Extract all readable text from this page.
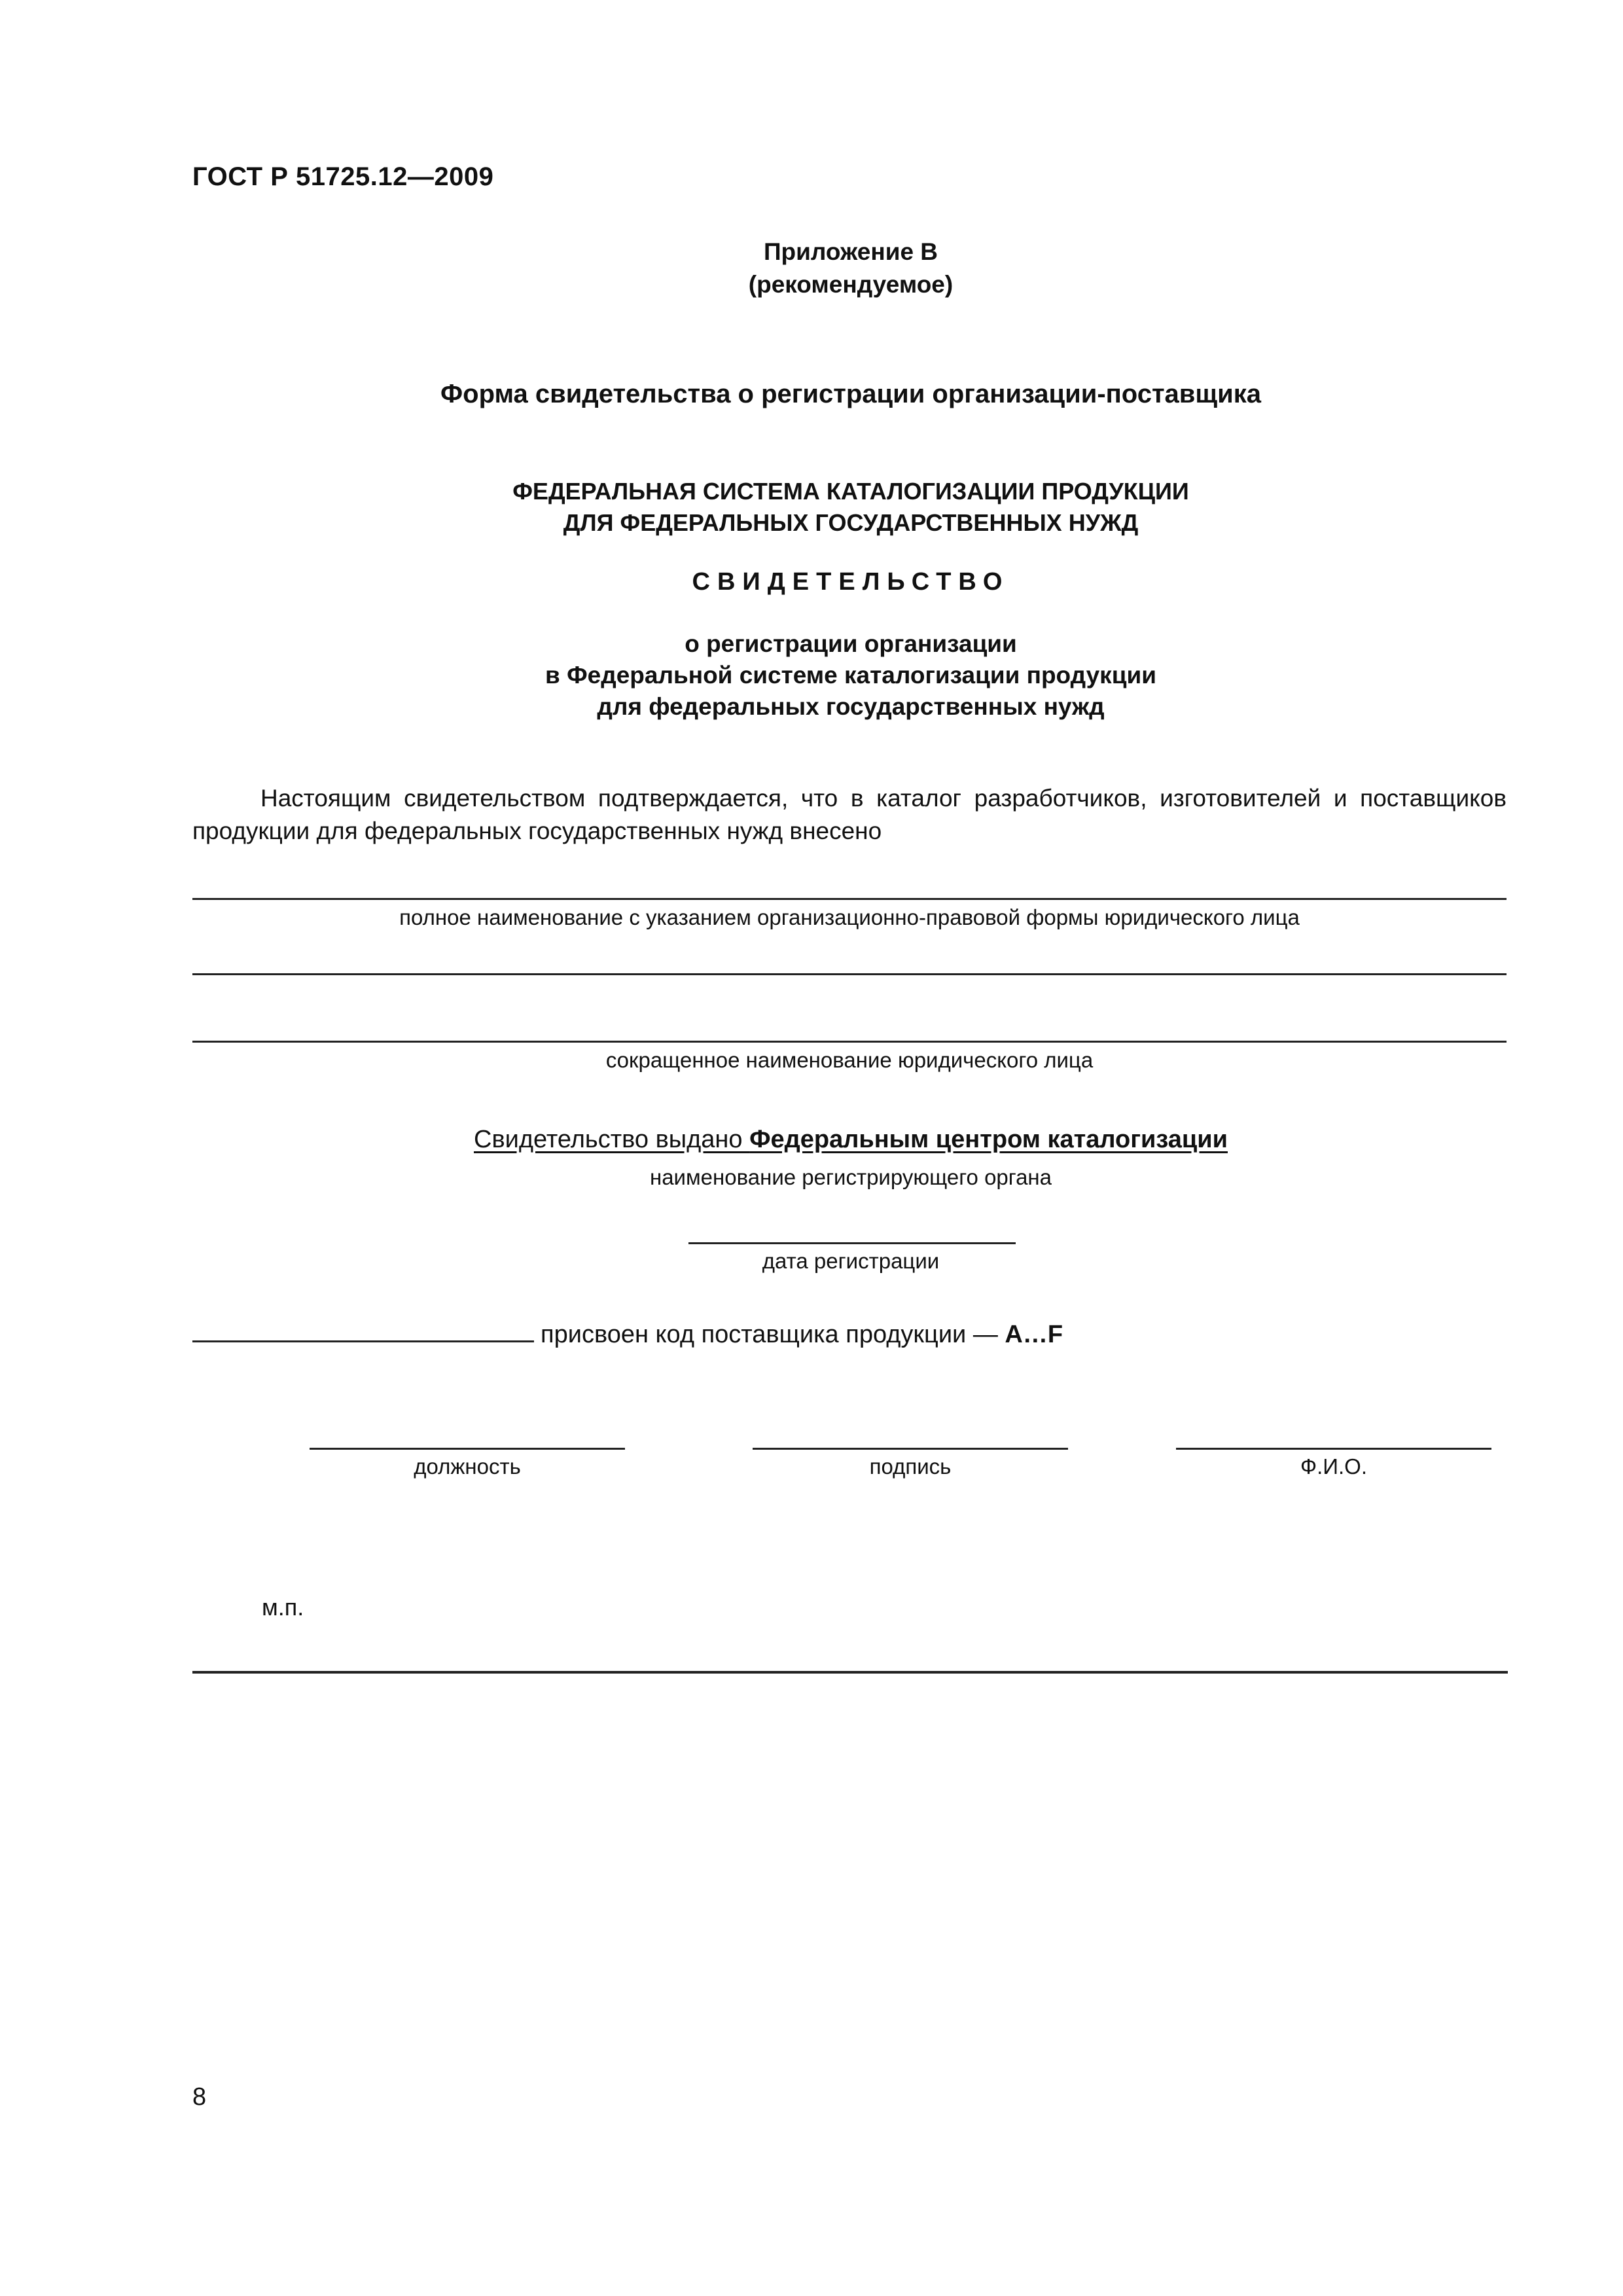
ГОСТ Р 51725.12—2009
Приложение В
(рекомендуемое)
Форма свидетельства о регистрации организации-поставщика
ФЕДЕРАЛЬНАЯ СИСТЕМА КАТАЛОГИЗАЦИИ ПРОДУКЦИИ
ДЛЯ ФЕДЕРАЛЬНЫХ ГОСУДАРСТВЕННЫХ НУЖД
СВИДЕТЕЛЬСТВО
о регистрации организации
в Федеральной системе каталогизации продукции
для федеральных государственных нужд
Настоящим свидетельством подтверждается, что в каталог разработчиков, изготовителей и поставщиков продукции для федеральных государственных нужд внесено
полное наименование с указанием организационно-правовой формы юридического лица
сокращенное наименование юридического лица
Свидетельство выдано Федеральным центром каталогизации
наименование регистрирующего органа
дата регистрации
присвоен код поставщика продукции — A…F
должность	подпись	Ф.И.О.
м.п.
8
